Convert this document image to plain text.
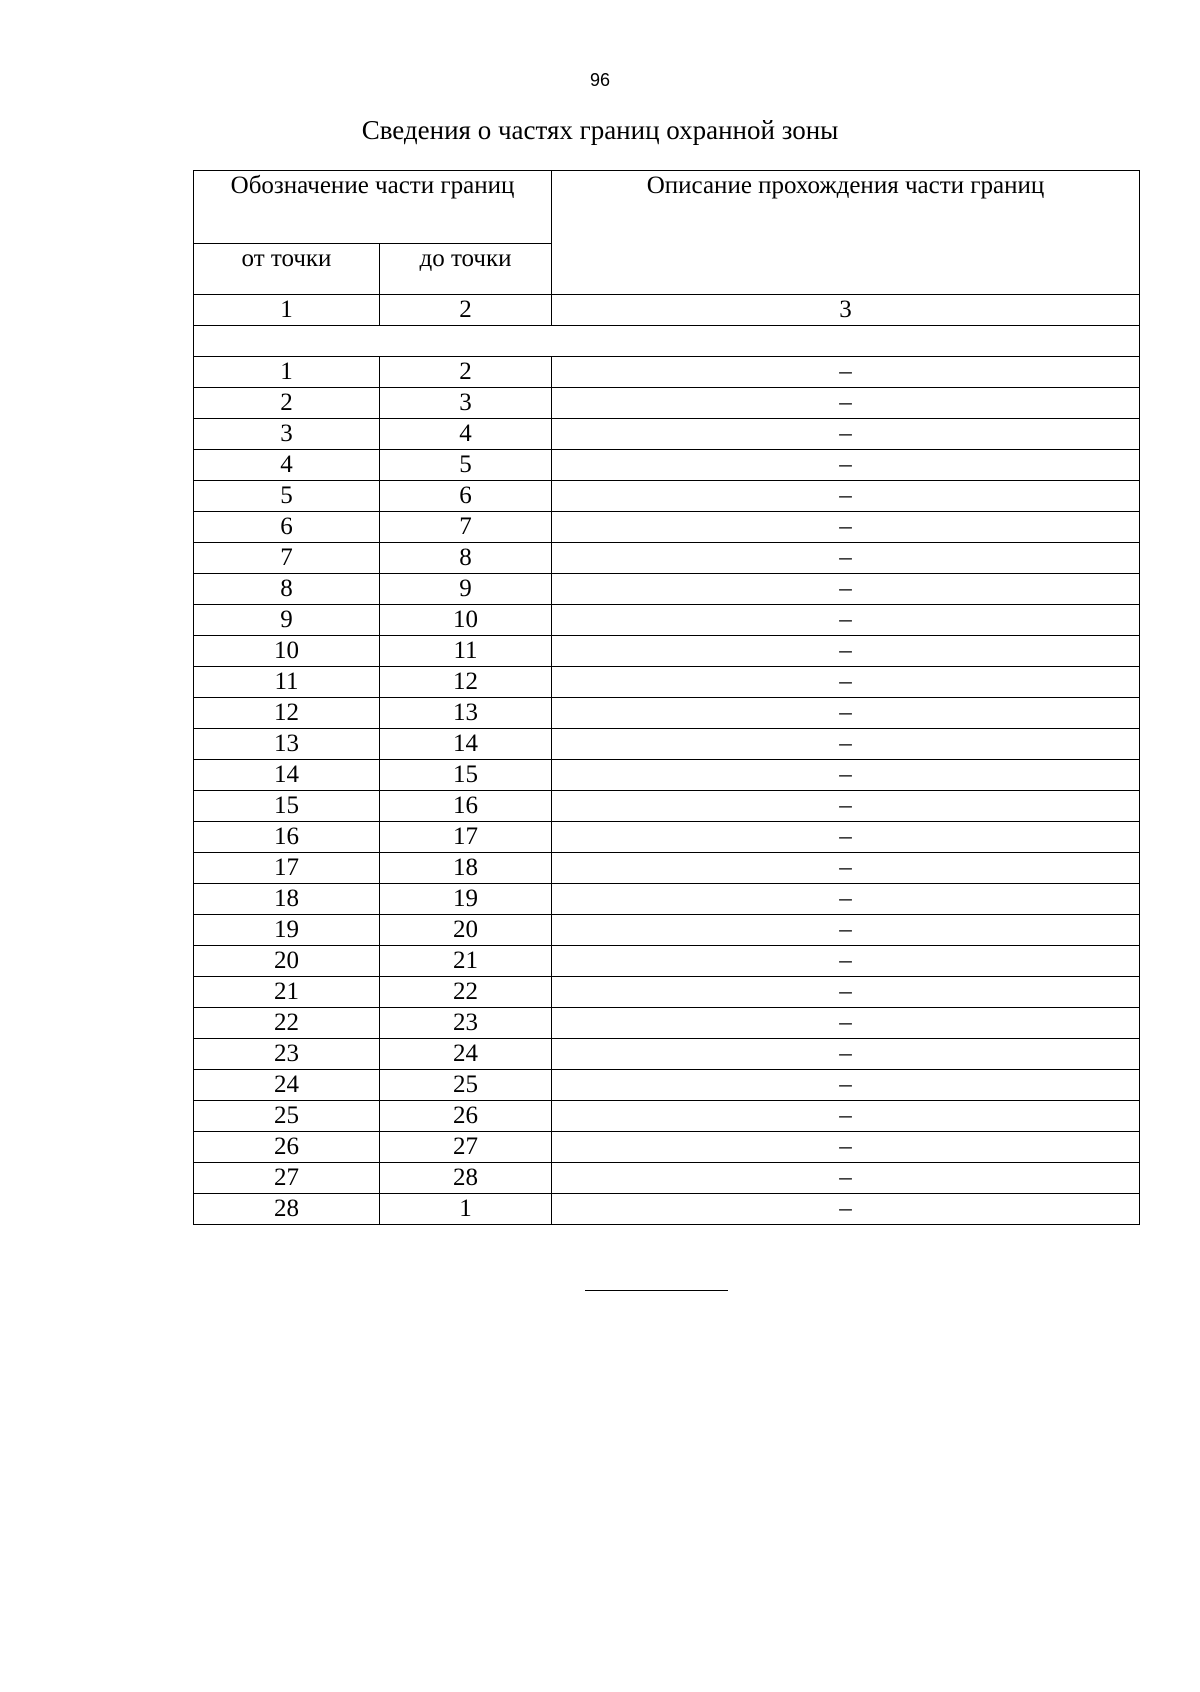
96
Сведения о частях границ охранной зоны
Обозначение части границ		Описание прохождения части границ
от точки	до точки	
1	2	3

1	2	–
2	3	–
3	4	–
4	5	–
5	6	–
6	7	–
7	8	–
8	9	–
9	10	–
10	11	–
11	12	–
12	13	–
13	14	–
14	15	–
15	16	–
16	17	–
17	18	–
18	19	–
19	20	–
20	21	–
21	22	–
22	23	–
23	24	–
24	25	–
25	26	–
26	27	–
27	28	–
28	1	–
